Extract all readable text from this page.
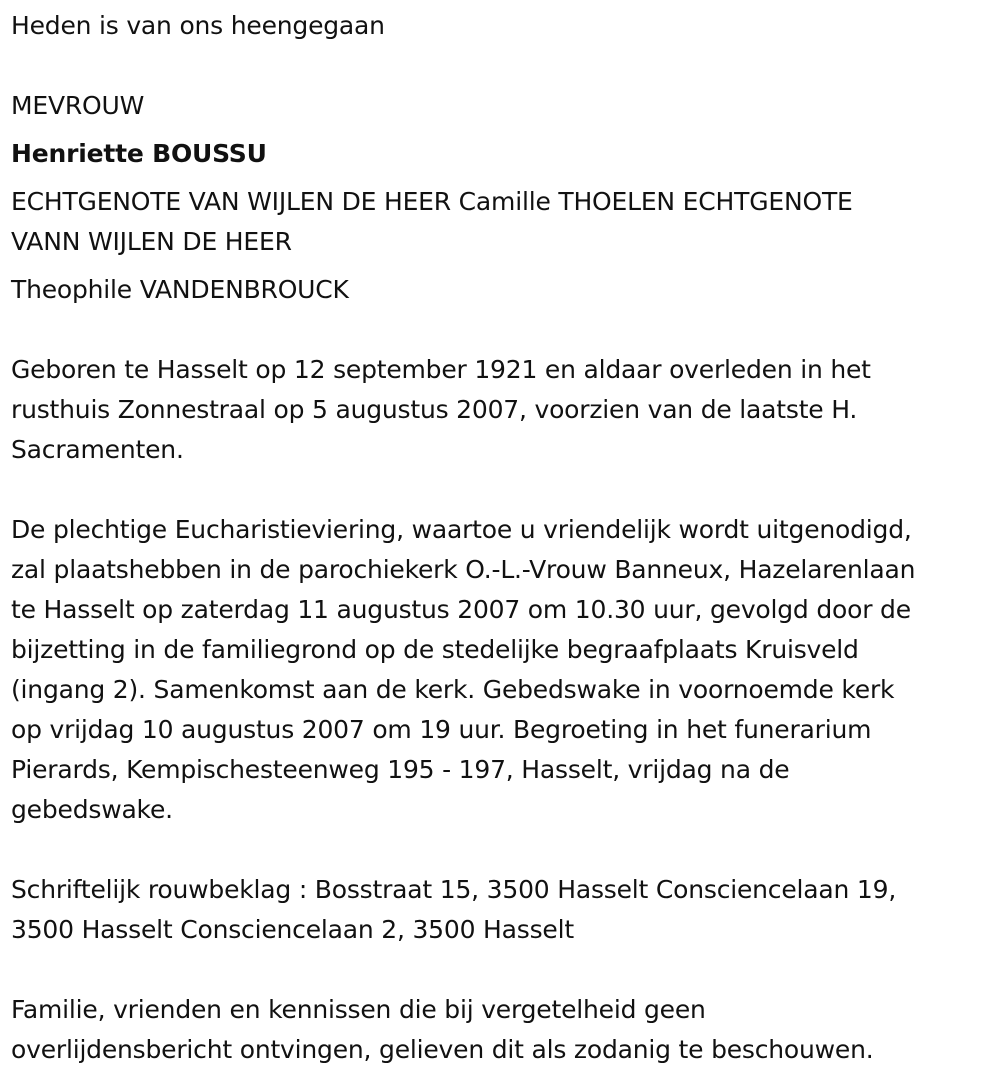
Heden is van ons heengegaan
MEVROUW
Henriette BOUSSU
ECHTGENOTE VAN WIJLEN DE HEER Camille THOELEN ECHTGENOTE
VANN WIJLEN DE HEER
Theophile VANDENBROUCK
Geboren te Hasselt op 12 september 1921 en aldaar overleden in het
rusthuis Zonnestraal op 5 augustus 2007, voorzien van de laatste H.
Sacramenten.
De plechtige Eucharistieviering, waartoe u vriendelijk wordt uitgenodigd,
zal plaatshebben in de parochiekerk O.-L.-Vrouw Banneux, Hazelarenlaan
te Hasselt op zaterdag 11 augustus 2007 om 10.30 uur, gevolgd door de
bijzetting in de familiegrond op de stedelijke begraafplaats Kruisveld
(ingang 2). Samenkomst aan de kerk. Gebedswake in voornoemde kerk
op vrijdag 10 augustus 2007 om 19 uur. Begroeting in het funerarium
Pierards, Kempischesteenweg 195 - 197, Hasselt, vrijdag na de
gebedswake.
Schriftelijk rouwbeklag : Bosstraat 15, 3500 Hasselt Consciencelaan 19,
3500 Hasselt Consciencelaan 2, 3500 Hasselt
Familie, vrienden en kennissen die bij vergetelheid geen
overlijdensbericht ontvingen, gelieven dit als zodanig te beschouwen.
